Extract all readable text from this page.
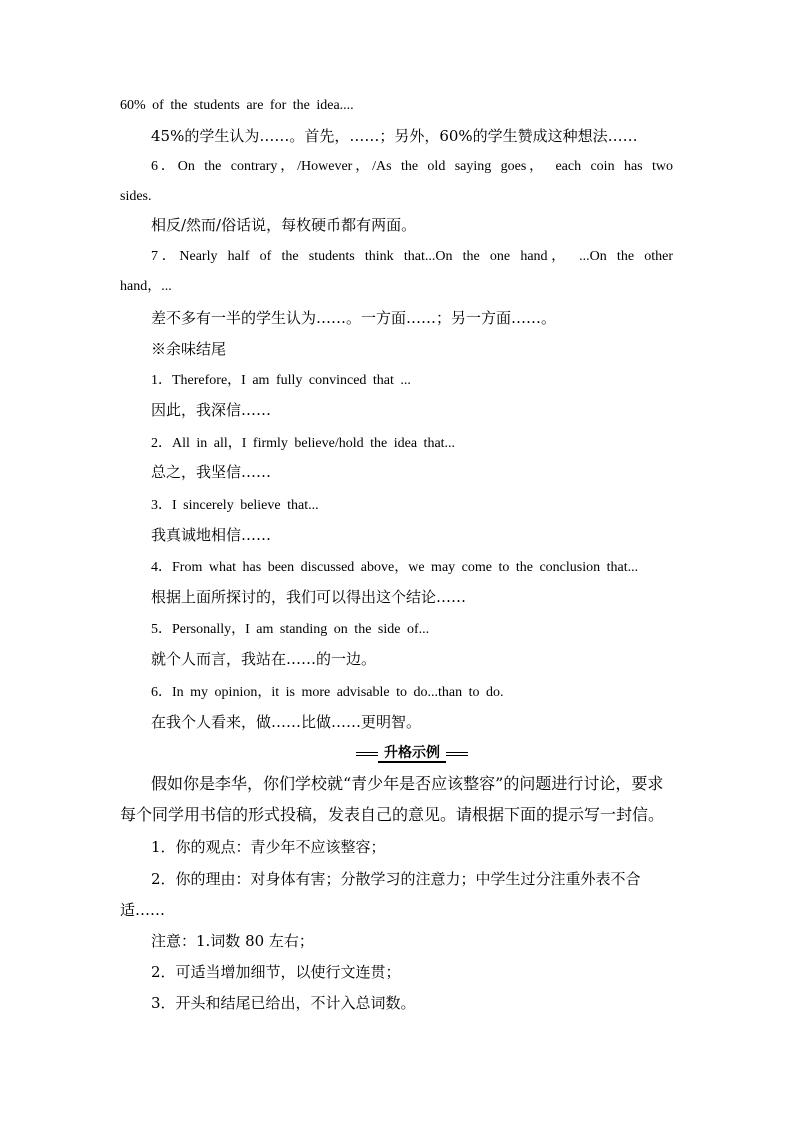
60% of the students are for the idea....
45%的学生认为……。首先，……；另外，60%的学生赞成这种想法……
6．On the contrary，/However，/As the old saying goes， each coin has two
sides.
相反/然而/俗话说，每枚硬币都有两面。
7．Nearly half of the students think that...On the one hand， ...On the other
hand，...
差不多有一半的学生认为……。一方面……；另一方面……。
※余味结尾
1．Therefore，I am fully convinced that ...
因此，我深信……
2．All in all，I firmly believe/hold the idea that...
总之，我坚信……
3．I sincerely believe that...
我真诚地相信……
4．From what has been discussed above，we may come to the conclusion that...
根据上面所探讨的，我们可以得出这个结论……
5．Personally，I am standing on the side of...
就个人而言，我站在……的一边。
6．In my opinion，it is more advisable to do...than to do.
在我个人看来，做……比做……更明智。
升格示例
假如你是李华，你们学校就“青少年是否应该整容”的问题进行讨论，要求
每个同学用书信的形式投稿，发表自己的意见。请根据下面的提示写一封信。
1．你的观点：青少年不应该整容；
2．你的理由：对身体有害；分散学习的注意力；中学生过分注重外表不合
适……
注意：1.词数 80 左右；
2．可适当增加细节，以使行文连贯；
3．开头和结尾已给出，不计入总词数。
